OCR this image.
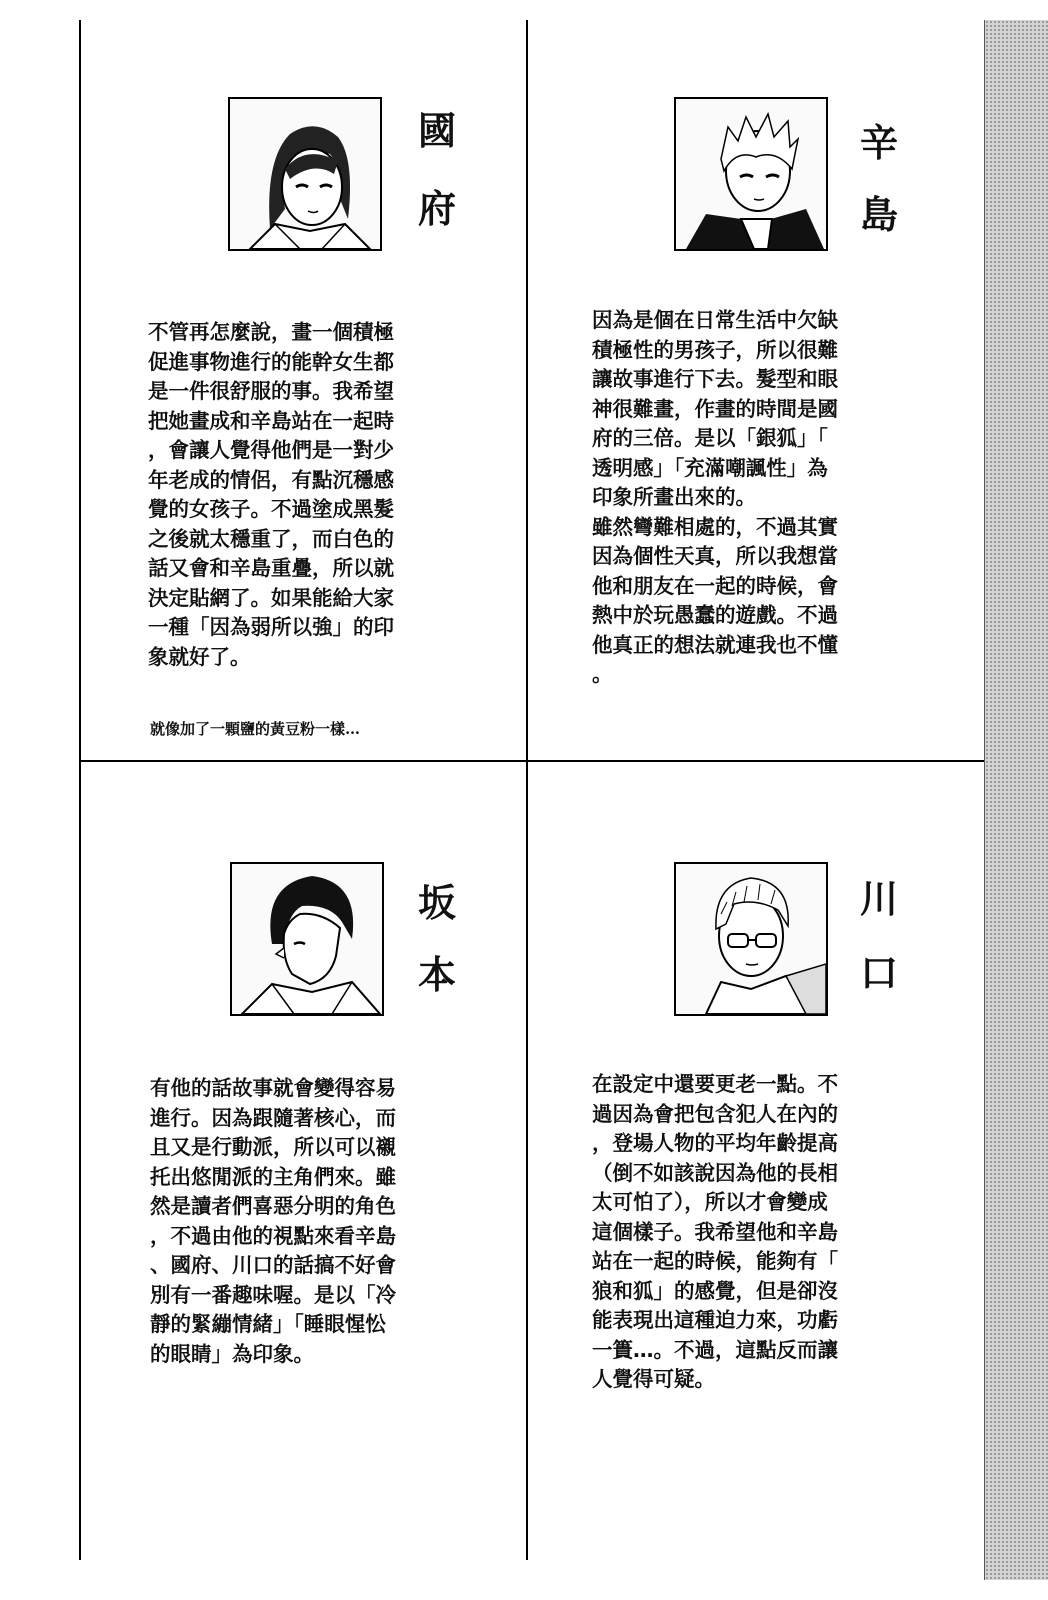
國
府
不管再怎麼說，畫一個積極
促進事物進行的能幹女生都
是一件很舒服的事。我希望
把她畫成和辛島站在一起時
，會讓人覺得他們是一對少
年老成的情侶，有點沉穩感
覺的女孩子。不過塗成黑髮
之後就太穩重了，而白色的
話又會和辛島重疊，所以就
決定貼網了。如果能給大家
一種「因為弱所以強」的印
象就好了。
就像加了一顆鹽的黃豆粉一樣…
辛
島
因為是個在日常生活中欠缺
積極性的男孩子，所以很難
讓故事進行下去。髮型和眼
神很難畫，作畫的時間是國
府的三倍。是以「銀狐」「
透明感」「充滿嘲諷性」為
印象所畫出來的。
雖然彎難相處的，不過其實
因為個性天真，所以我想當
他和朋友在一起的時候，會
熱中於玩愚蠢的遊戲。不過
他真正的想法就連我也不懂
。
坂
本
有他的話故事就會變得容易
進行。因為跟隨著核心，而
且又是行動派，所以可以襯
托出悠閒派的主角們來。雖
然是讀者們喜惡分明的角色
，不過由他的視點來看辛島
、國府、川口的話搞不好會
別有一番趣味喔。是以「冷
靜的緊繃情緒」「睡眼惺忪
的眼睛」為印象。
川
口
在設定中還要更老一點。不
過因為會把包含犯人在內的
，登場人物的平均年齡提高
（倒不如該說因為他的長相
太可怕了），所以才會變成
這個樣子。我希望他和辛島
站在一起的時候，能夠有「
狼和狐」的感覺，但是卻沒
能表現出這種迫力來，功虧
一簣…。不過，這點反而讓
人覺得可疑。
